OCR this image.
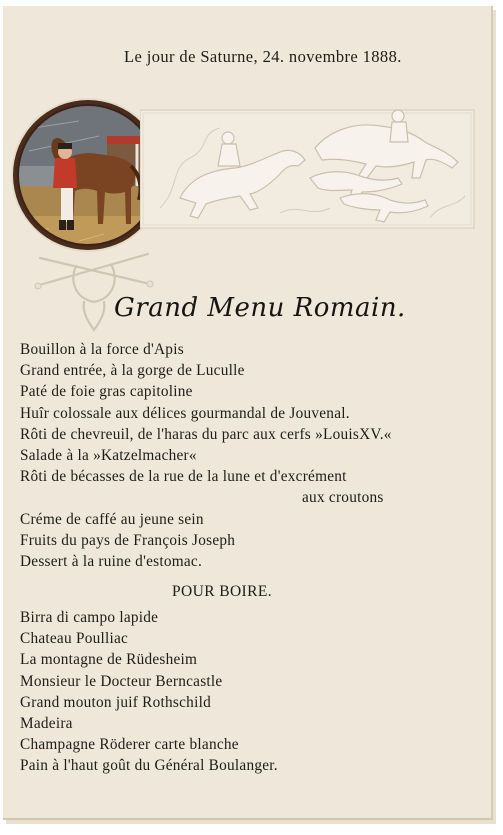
Le jour de Saturne, 24. novembre 1888.
Grand Menu Romain.
Bouillon à la force d'Apis
Grand entrée, à la gorge de Luculle
Paté de foie gras capitoline
Huîr colossale aux délices gourmandal de Jouvenal.
Rôti de chevreuil, de l'haras du parc aux cerfs »LouisXV.«
Salade à la »Katzelmacher«
Rôti de bécasses de la rue de la lune et d'excrément
aux croutons
Créme de caffé au jeune sein
Fruits du pays de François Joseph
Dessert à la ruine d'estomac.
POUR BOIRE.
Birra di campo lapide
Chateau Poulliac
La montagne de Rüdesheim
Monsieur le Docteur Berncastle
Grand mouton juif Rothschild
Madeira
Champagne Röderer carte blanche
Pain à l'haut goût du Général Boulanger.
